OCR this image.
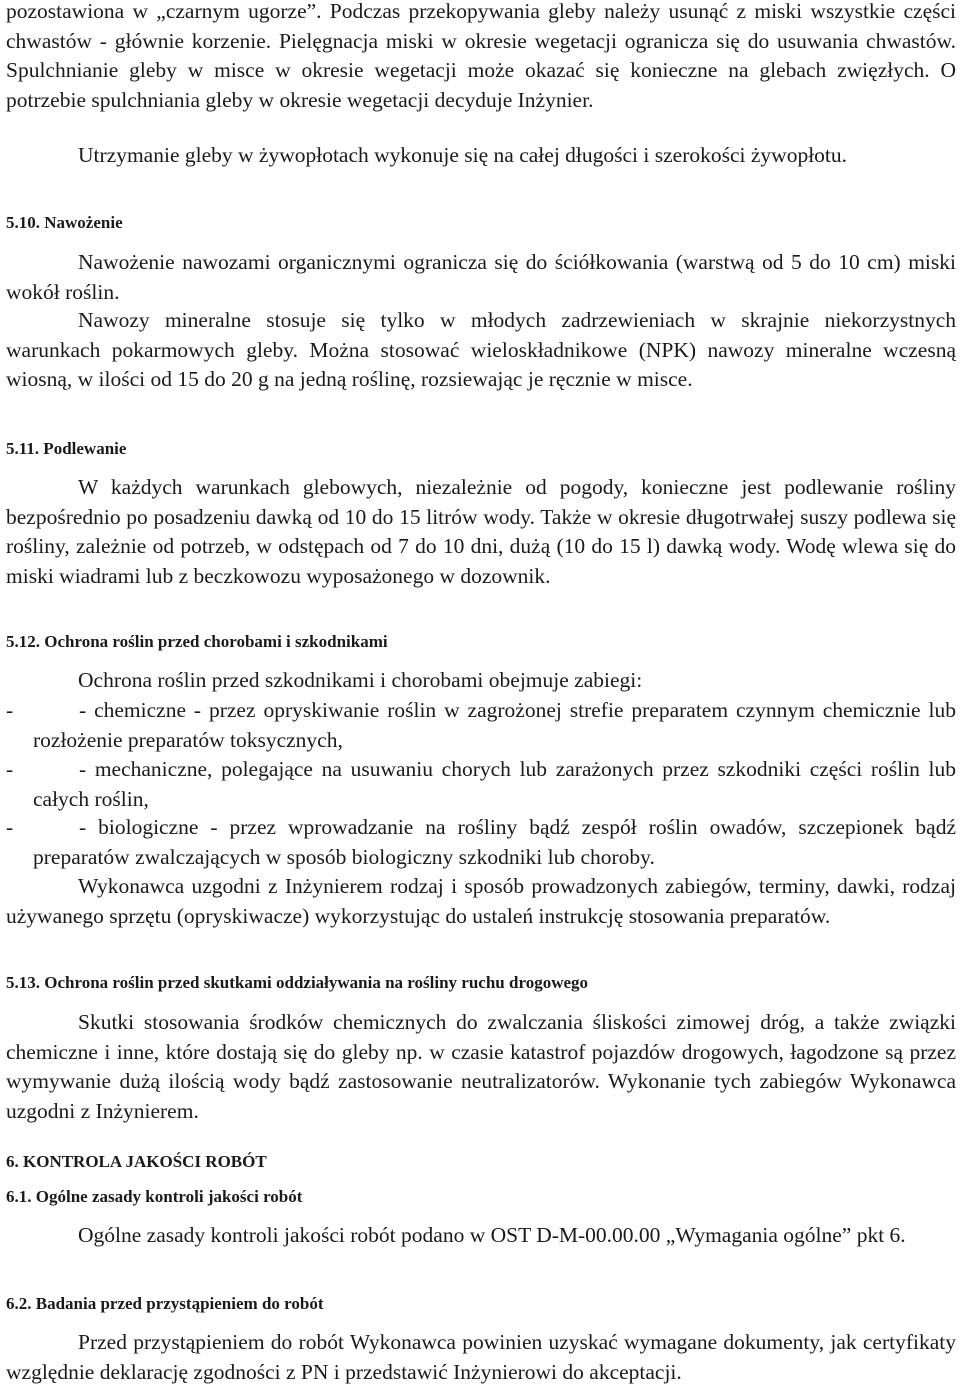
pozostawiona w „czarnym ugorze”. Podczas przekopywania gleby należy usunąć z miski wszystkie części chwastów - głównie korzenie. Pielęgnacja miski w okresie wegetacji ogranicza się do usuwania chwastów. Spulchnianie gleby w misce w okresie wegetacji może okazać się konieczne na glebach zwięzłych. O potrzebie spulchniania gleby w okresie wegetacji decyduje Inżynier.

Utrzymanie gleby w żywopłotach wykonuje się na całej długości i szerokości żywopłotu.

5.10. Nawożenie

Nawożenie nawozami organicznymi ogranicza się do ściółkowania (warstwą od 5 do 10 cm) miski wokół roślin.

Nawozy mineralne stosuje się tylko w młodych zadrzewieniach w skrajnie niekorzystnych warunkach pokarmowych gleby. Można stosować wieloskładnikowe (NPK) nawozy mineralne wczesną wiosną, w ilości od 15 do 20 g na jedną roślinę, rozsiewając je ręcznie w misce.

5.11. Podlewanie

W każdych warunkach glebowych, niezależnie od pogody, konieczne jest podlewanie rośliny bezpośrednio po posadzeniu dawką od 10 do 15 litrów wody. Także w okresie długotrwałej suszy podlewa się rośliny, zależnie od potrzeb, w odstępach od 7 do 10 dni, dużą (10 do 15 l) dawką wody. Wodę wlewa się do miski wiadrami lub z beczkowozu wyposażonego w dozownik.

5.12. Ochrona roślin przed chorobami i szkodnikami

Ochrona roślin przed szkodnikami i chorobami obejmuje zabiegi:

-	- chemiczne - przez opryskiwanie roślin w zagrożonej strefie preparatem czynnym chemicznie lub rozłożenie preparatów toksycznych,
-	- mechaniczne, polegające na usuwaniu chorych lub zarażonych przez szkodniki części roślin lub całych roślin,
-	- biologiczne - przez wprowadzanie na rośliny bądź zespół roślin owadów, szczepionek bądź preparatów zwalczających w sposób biologiczny szkodniki lub choroby.

Wykonawca uzgodni z Inżynierem rodzaj i sposób prowadzonych zabiegów, terminy, dawki, rodzaj używanego sprzętu (opryskiwacze) wykorzystując do ustaleń instrukcję stosowania preparatów.

5.13. Ochrona roślin przed skutkami oddziaływania na rośliny ruchu drogowego

Skutki stosowania środków chemicznych do zwalczania śliskości zimowej dróg, a także związki chemiczne i inne, które dostają się do gleby np. w czasie katastrof pojazdów drogowych, łagodzone są przez wymywanie dużą ilością wody bądź zastosowanie neutralizatorów. Wykonanie tych zabiegów Wykonawca uzgodni z Inżynierem.

6. KONTROLA JAKOŚCI ROBÓT
6.1. Ogólne zasady kontroli jakości robót

Ogólne zasady kontroli jakości robót podano w OST D-M-00.00.00 „Wymagania ogólne” pkt 6.

6.2. Badania przed przystąpieniem do robót

Przed przystąpieniem do robót Wykonawca powinien uzyskać wymagane dokumenty, jak certyfikaty względnie deklarację zgodności z PN i przedstawić Inżynierowi do akceptacji.
